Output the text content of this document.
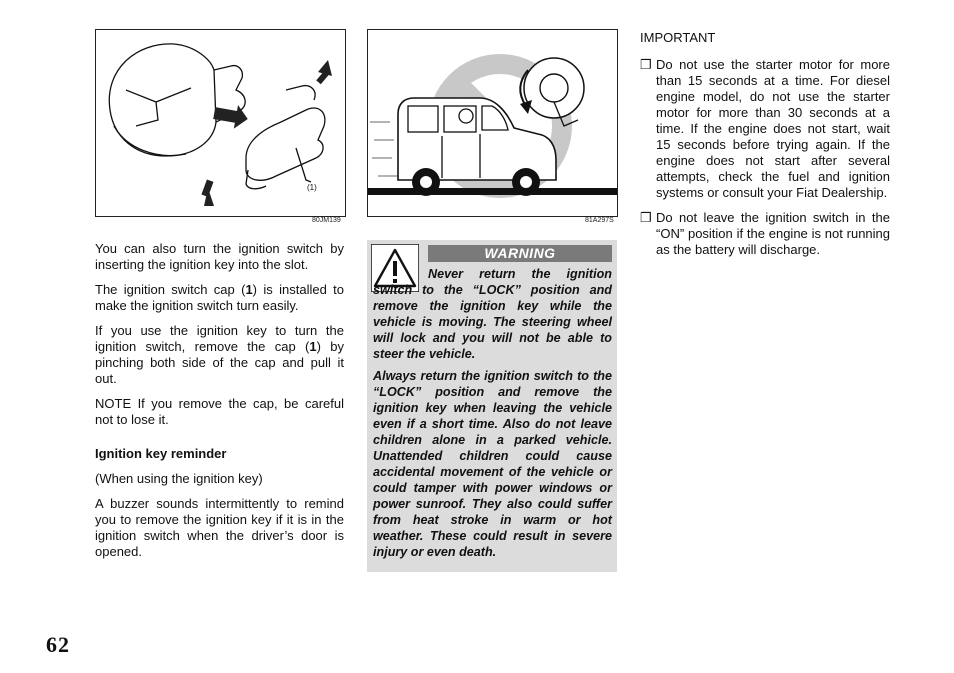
(1)
80JM139	81A297S

You can also turn the ignition switch by inserting the ignition key into the slot.

The ignition switch cap (1) is installed to make the ignition switch turn easily.

If you use the ignition key to turn the ignition switch, remove the cap (1) by pinching both side of the cap and pull it out.

NOTE If you remove the cap, be careful not to lose it.

Ignition key reminder

(When using the ignition key)

A buzzer sounds intermittently to remind you to remove the ignition key if it is in the ignition switch when the driver’s door is opened.

WARNING

Never return the ignition switch to the “LOCK” position and remove the ignition key while the vehicle is moving. The steering wheel will lock and you will not be able to steer the vehicle.

Always return the ignition switch to the “LOCK” position and remove the ignition key when leaving the vehicle even if a short time. Also do not leave children alone in a parked vehicle. Unattended children could cause accidental movement of the vehicle or could tamper with power windows or power sunroof. They also could suffer from heat stroke in warm or hot weather. These could result in severe injury or even death.

IMPORTANT
❒ Do not use the starter motor for more than 15 seconds at a time. For diesel engine model, do not use the starter motor for more than 30 seconds at a time. If the engine does not start, wait 15 seconds before trying again. If the engine does not start after several attempts, check the fuel and ignition systems or consult your Fiat Dealership.
❒ Do not leave the ignition switch in the “ON” position if the engine is not running as the battery will discharge.
62
